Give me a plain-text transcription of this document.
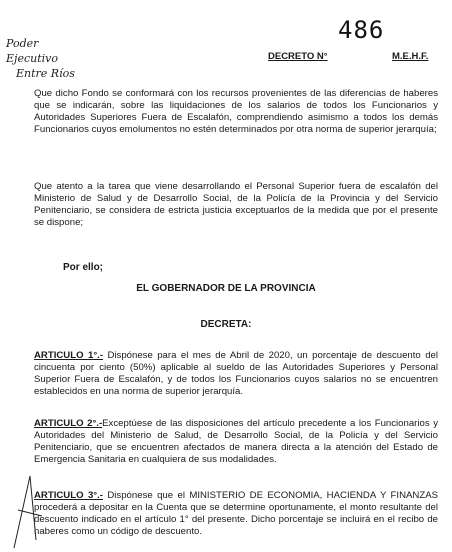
Poder Ejecutivo
Entre Ríos
486
DECRETO N°	M.E.H.F.

Que dicho Fondo se conformará con los recursos provenientes de las diferencias de haberes que se indicarán, sobre las liquidaciones de los salarios de todos los Funcionarios y Autoridades Superiores Fuera de Escalafón, comprendiendo asimismo a todos los demás Funcionarios cuyos emolumentos no estén determinados por otra norma de superior jerarquía;

Que atento a la tarea que viene desarrollando el Personal Superior fuera de escalafón del Ministerio de Salud y de Desarrollo Social, de la Policía de la Provincia y del Servicio Penitenciario, se considera de estricta justicia exceptuarlos de la medida que por el presente se dispone;

Por ello;
EL GOBERNADOR DE LA PROVINCIA
DECRETA:

ARTICULO 1°.- Dispónese para el mes de Abril de 2020, un porcentaje de descuento del cincuenta por ciento (50%) aplicable al sueldo de las Autoridades Superiores y Personal Superior Fuera de Escalafón, y de todos los Funcionarios cuyos salarios no se encuentren establecidos en una norma de superior jerarquía.

ARTICULO 2°.-Exceptúese de las disposiciones del artículo precedente a los Funcionarios y Autoridades del Ministerio de Salud, de Desarrollo Social, de la Policía y del Servicio Penitenciario, que se encuentren afectados de manera directa a la atención del Estado de Emergencia Sanitaria en cualquiera de sus modalidades.

ARTICULO 3°.- Dispónese que el MINISTERIO DE ECONOMIA, HACIENDA Y FINANZAS procederá a depositar en la Cuenta que se determine oportunamente, el monto resultante del descuento indicado en el artículo 1° del presente. Dicho porcentaje se incluirá en el recibo de haberes como un código de descuento.
